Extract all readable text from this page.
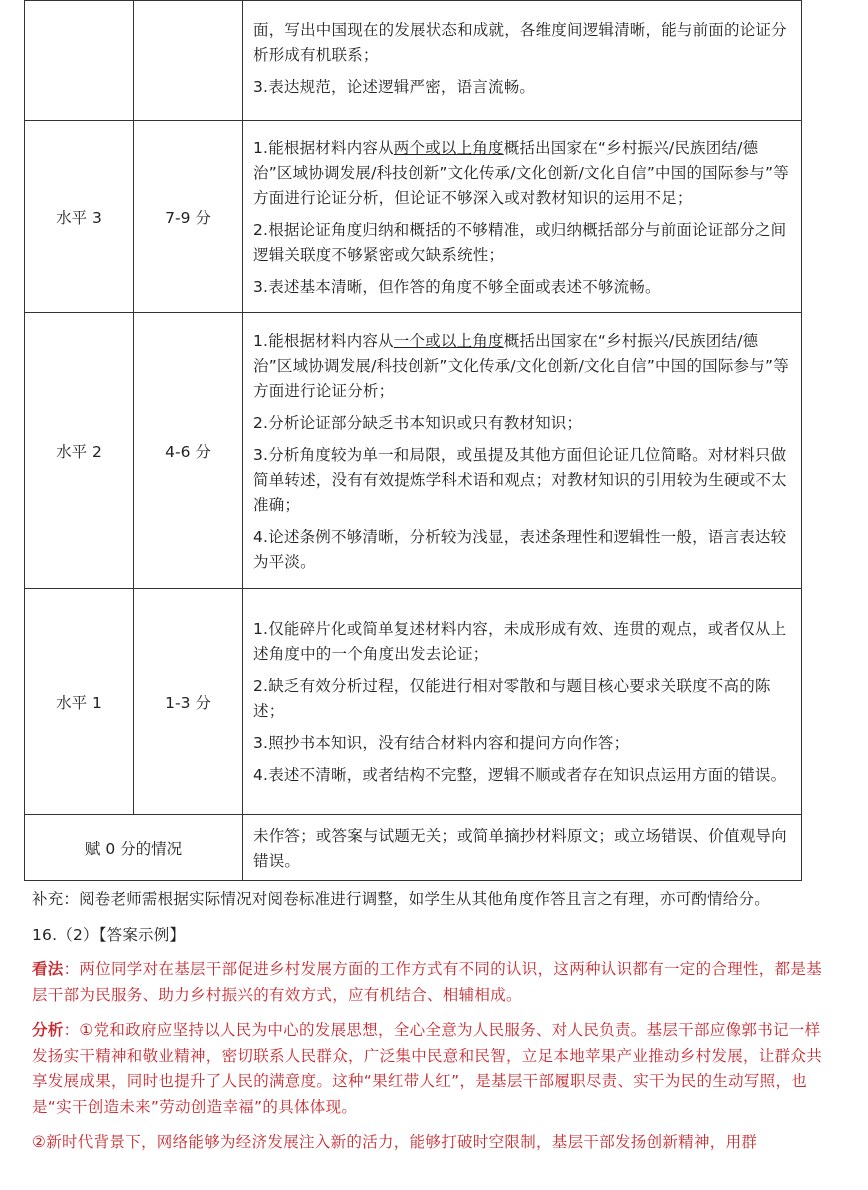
		面，写出中国现在的发展状态和成就，各维度间逻辑清晰，能与前面的论证分析形成有机联系；

3.表达规范，论述逻辑严密，语言流畅。

水平 3	7-9 分	1.能根据材料内容从两个或以上角度概括出国家在“乡村振兴/民族团结/德治”区域协调发展/科技创新”文化传承/文化创新/文化自信”中国的国际参与”等方面进行论证分析，但论证不够深入或对教材知识的运用不足；

2.根据论证角度归纳和概括的不够精准，或归纳概括部分与前面论证部分之间逻辑关联度不够紧密或欠缺系统性；

3.表述基本清晰，但作答的角度不够全面或表述不够流畅。

水平 2	4-6 分	1.能根据材料内容从一个或以上角度概括出国家在“乡村振兴/民族团结/德治”区域协调发展/科技创新”文化传承/文化创新/文化自信”中国的国际参与”等方面进行论证分析；

2.分析论证部分缺乏书本知识或只有教材知识；

3.分析角度较为单一和局限，或虽提及其他方面但论证几位简略。对材料只做简单转述，没有有效提炼学科术语和观点；对教材知识的引用较为生硬或不太准确；

4.论述条例不够清晰，分析较为浅显，表述条理性和逻辑性一般，语言表达较为平淡。

水平 1	1-3 分	1.仅能碎片化或简单复述材料内容，未成形成有效、连贯的观点，或者仅从上述角度中的一个角度出发去论证；

2.缺乏有效分析过程，仅能进行相对零散和与题目核心要求关联度不高的陈述；

3.照抄书本知识，没有结合材料内容和提问方向作答；

4.表述不清晰，或者结构不完整，逻辑不顺或者存在知识点运用方面的错误。

赋 0 分的情况		未作答；或答案与试题无关；或简单摘抄材料原文；或立场错误、价值观导向错误。

补充：阅卷老师需根据实际情况对阅卷标准进行调整，如学生从其他角度作答且言之有理，亦可酌情给分。
16.（2）【答案示例】
看法：两位同学对在基层干部促进乡村发展方面的工作方式有不同的认识，这两种认识都有一定的合理性，都是基层干部为民服务、助力乡村振兴的有效方式，应有机结合、相辅相成。
分析：①党和政府应坚持以人民为中心的发展思想，全心全意为人民服务、对人民负责。基层干部应像郭书记一样发扬实干精神和敬业精神，密切联系人民群众，广泛集中民意和民智，立足本地苹果产业推动乡村发展，让群众共享发展成果，同时也提升了人民的满意度。这种“果红带人红”，是基层干部履职尽责、实干为民的生动写照，也是“实干创造未来”劳动创造幸福”的具体体现。
②新时代背景下，网络能够为经济发展注入新的活力，能够打破时空限制，基层干部发扬创新精神，用群
